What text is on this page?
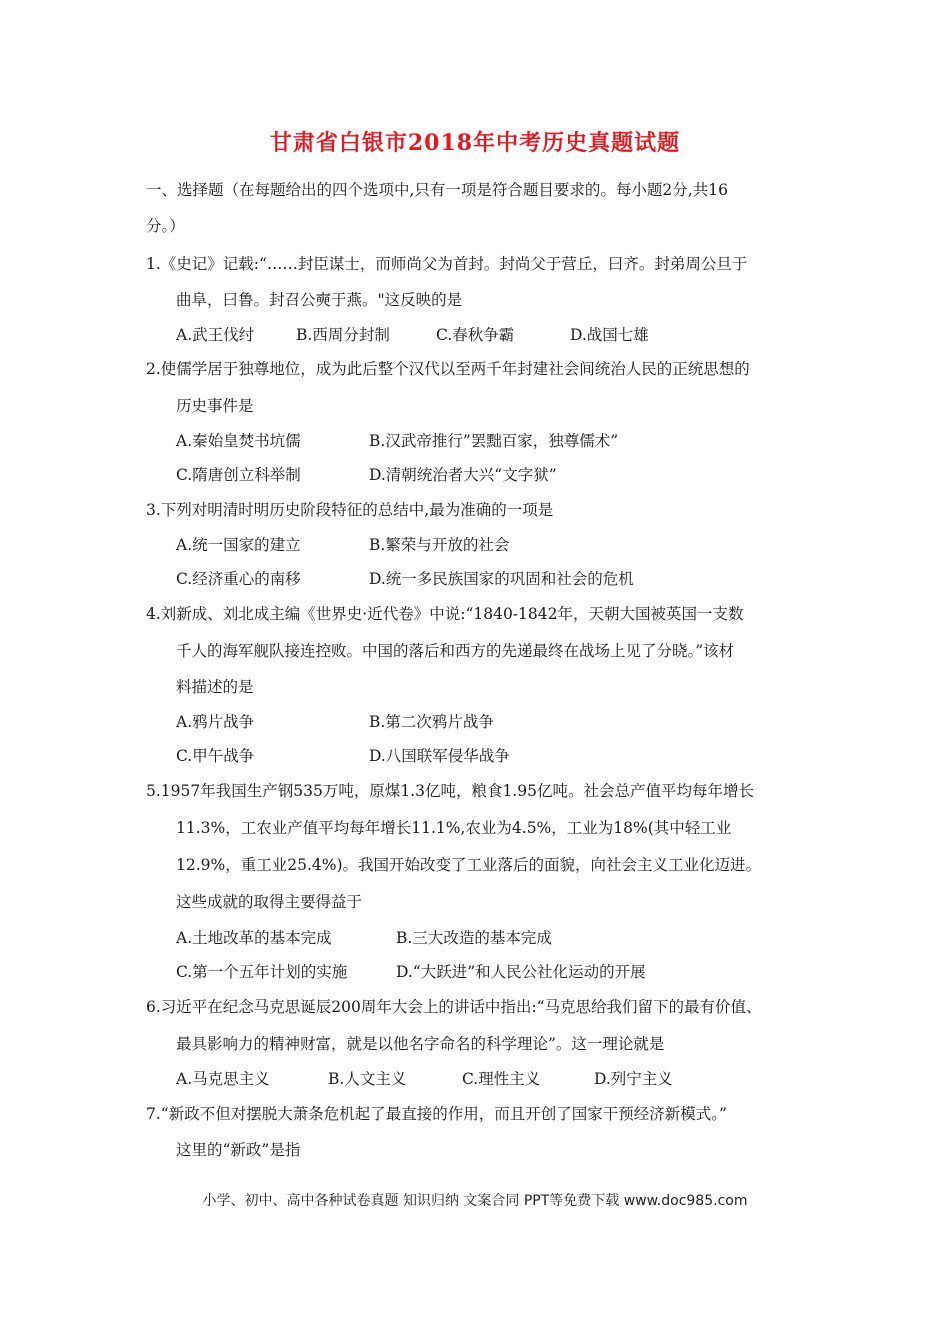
甘肃省白银市2018年中考历史真题试题
一、选择题（在每题给出的四个选项中,只有一项是符合题目要求的。每小题2分,共16
分。）
1.《史记》记载:“……封臣谋士，而师尚父为首封。封尚父于营丘，曰齐。封弟周公旦于
曲阜，曰鲁。封召公奭于燕。"这反映的是
A.武王伐纣	B.西周分封制	C.春秋争霸	D.战国七雄
2.使儒学居于独尊地位，成为此后整个汉代以至两千年封建社会间统治人民的正统思想的
历史事件是
A.秦始皇焚书坑儒	B.汉武帝推行”罢黜百家，独尊儒术”
C.隋唐创立科举制	D.清朝统治者大兴“文字狱”
3.下列对明清时明历史阶段特征的总结中,最为准确的一项是
A.统一国家的建立	B.繁荣与开放的社会
C.经济重心的南移	D.统一多民族国家的巩固和社会的危机
4.刘新成、刘北成主编《世界史·近代卷》中说:“1840-1842年，天朝大国被英国一支数
千人的海军舰队接连控败。中国的落后和西方的先递最终在战场上见了分晓。”该材
料描述的是
A.鸦片战争	B.第二次鸦片战争
C.甲午战争	D.八国联军侵华战争
5.1957年我国生产钢535万吨，原煤1.3亿吨，粮食1.95亿吨。社会总产值平均每年增长
11.3%，工农业产值平均每年增长11.1%,农业为4.5%，工业为18%(其中轻工业
12.9%，重工业25.4%)。我国开始改变了工业落后的面貌，向社会主义工业化迈进。
这些成就的取得主要得益于
A.土地改革的基本完成	B.三大改造的基本完成
C.第一个五年计划的实施	D.“大跃进”和人民公社化运动的开展
6.习近平在纪念马克思诞辰200周年大会上的讲话中指出:“马克思给我们留下的最有价值、
最具影响力的精神财富，就是以他名字命名的科学理论”。这一理论就是
A.马克思主义	B.人文主义	C.理性主义	D.列宁主义
7.“新政不但对摆脱大萧条危机起了最直接的作用，而且开创了国家干预经济新模式。”
这里的“新政”是指
小学、初中、高中各种试卷真题 知识归纳 文案合同 PPT等免费下载 www.doc985.com
